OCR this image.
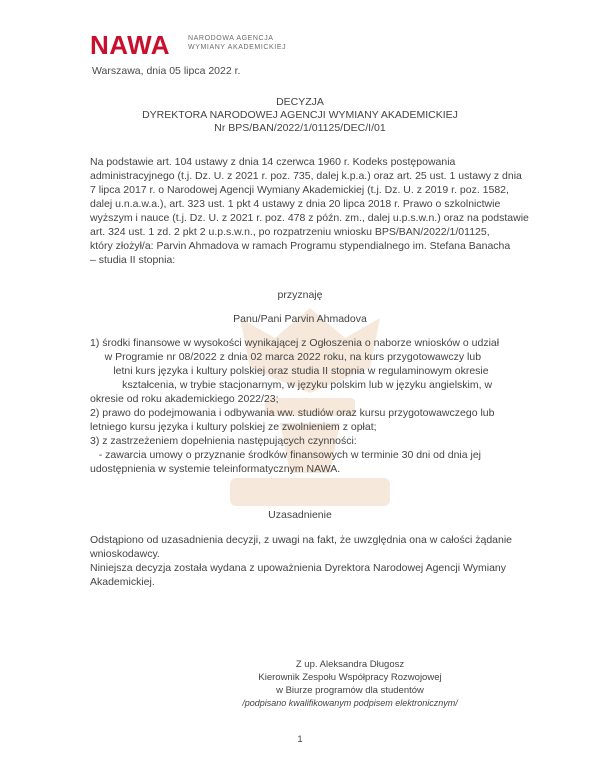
NAWA	NARODOWA AGENCJA
WYMIANY AKADEMICKIEJ
Warszawa, dnia 05 lipca 2022 r.
DECYZJA
DYREKTORA NARODOWEJ AGENCJI WYMIANY AKADEMICKIEJ
Nr BPS/BAN/2022/1/01125/DEC/I/01
Na podstawie art. 104 ustawy z dnia 14 czerwca 1960 r. Kodeks postępowania
administracyjnego (t.j. Dz. U. z 2021 r. poz. 735, dalej k.p.a.) oraz art. 25 ust. 1 ustawy z dnia
7 lipca 2017 r. o Narodowej Agencji Wymiany Akademickiej (t.j. Dz. U. z 2019 r. poz. 1582,
dalej u.n.a.w.a.), art. 323 ust. 1 pkt 4 ustawy z dnia 20 lipca 2018 r. Prawo o szkolnictwie
wyższym i nauce (t.j. Dz. U. z 2021 r. poz. 478 z późn. zm., dalej u.p.s.w.n.) oraz na podstawie
art. 324 ust. 1 zd. 2 pkt 2 u.p.s.w.n., po rozpatrzeniu wniosku BPS/BAN/2022/1/01125,
który złożył/a: Parvin Ahmadova w ramach Programu stypendialnego im. Stefana Banacha
– studia II stopnia:
przyznaję
Panu/Pani Parvin Ahmadova
1) środki finansowe w wysokości wynikającej z Ogłoszenia o naborze wniosków o udział
w Programie nr 08/2022 z dnia 02 marca 2022 roku, na kurs przygotowawczy lub
letni kurs języka i kultury polskiej oraz studia II stopnia w regulaminowym okresie
kształcenia, w trybie stacjonarnym, w języku polskim lub w języku angielskim, w
okresie od roku akademickiego 2022/23;
2) prawo do podejmowania i odbywania ww. studiów oraz kursu przygotowawczego lub
letniego kursu języka i kultury polskiej ze zwolnieniem z opłat;
3) z zastrzeżeniem dopełnienia następujących czynności:
- zawarcia umowy o przyznanie środków finansowych w terminie 30 dni od dnia jej
udostępnienia w systemie teleinformatycznym NAWA.
Uzasadnienie
Odstąpiono od uzasadnienia decyzji, z uwagi na fakt, że uwzględnia ona w całości żądanie
wnioskodawcy.
Niniejsza decyzja została wydana z upoważnienia Dyrektora Narodowej Agencji Wymiany
Akademickiej.
Z up. Aleksandra Długosz
Kierownik Zespołu Współpracy Rozwojowej
w Biurze programów dla studentów
/podpisano kwalifikowanym podpisem elektronicznym/
1
